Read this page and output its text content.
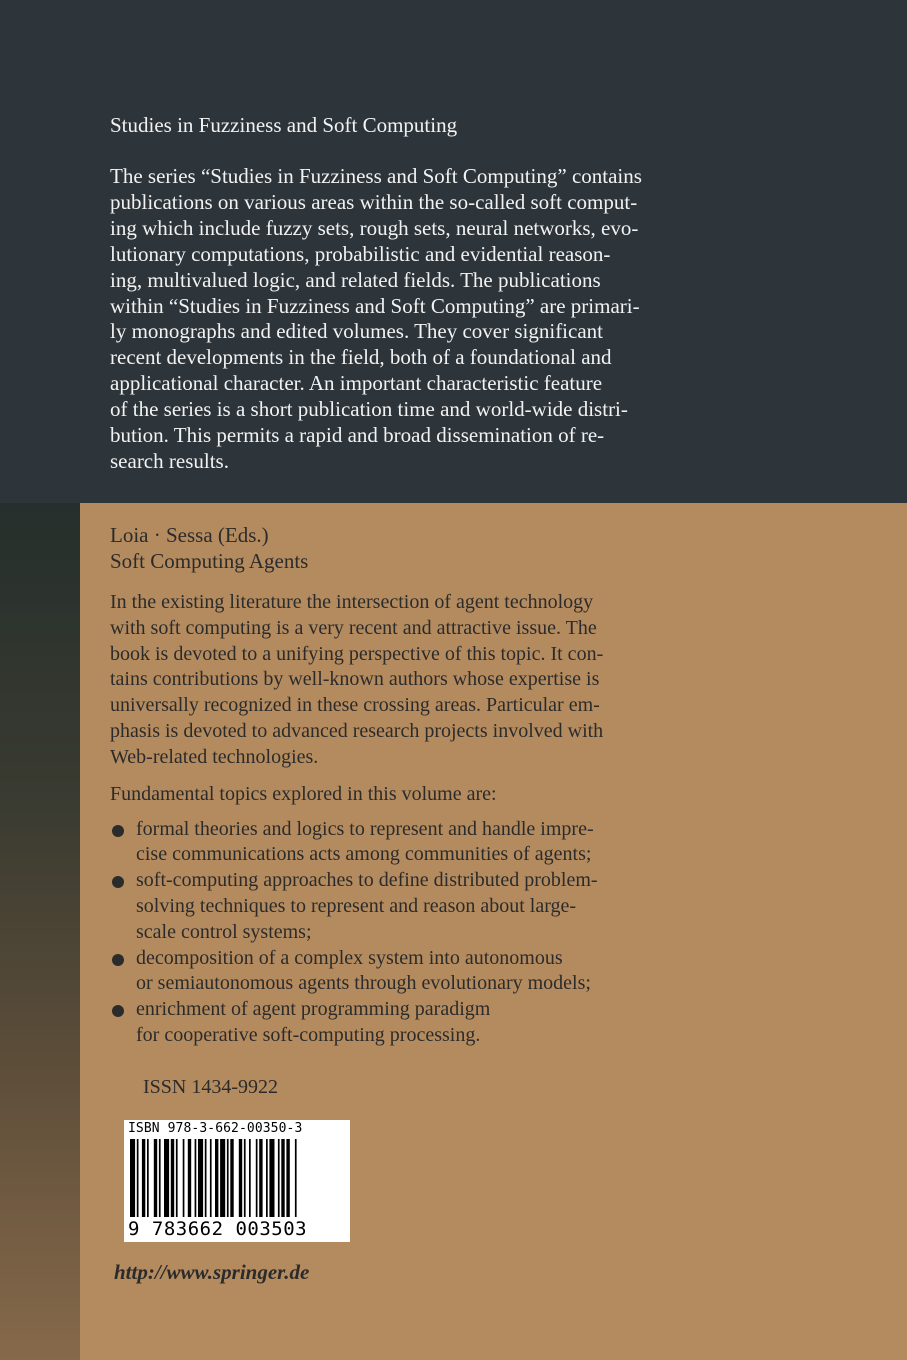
Studies in Fuzziness and Soft Computing
The series “Studies in Fuzziness and Soft Computing” contains
publications on various areas within the so-called soft comput-
ing which include fuzzy sets, rough sets, neural networks, evo-
lutionary computations, probabilistic and evidential reason-
ing, multivalued logic, and related fields. The publications
within “Studies in Fuzziness and Soft Computing” are primari-
ly monographs and edited volumes. They cover significant
recent developments in the field, both of a foundational and
applicational character. An important characteristic feature
of the series is a short publication time and world-wide distri-
bution. This permits a rapid and broad dissemination of re-
search results.
Loia · Sessa (Eds.)
Soft Computing Agents
In the existing literature the intersection of agent technology
with soft computing is a very recent and attractive issue. The
book is devoted to a unifying perspective of this topic. It con-
tains contributions by well-known authors whose expertise is
universally recognized in these crossing areas. Particular em-
phasis is devoted to advanced research projects involved with
Web-related technologies.
Fundamental topics explored in this volume are:
formal theories and logics to represent and handle impre-
cise communications acts among communities of agents;
soft-computing approaches to define distributed problem-
solving techniques to represent and reason about large-
scale control systems;
decomposition of a complex system into autonomous
or semiautonomous agents through evolutionary models;
enrichment of agent programming paradigm
for cooperative soft-computing processing.
ISSN 1434-9922
ISBN 978-3-662-00350-3
9 783662 003503
http://www.springer.de
